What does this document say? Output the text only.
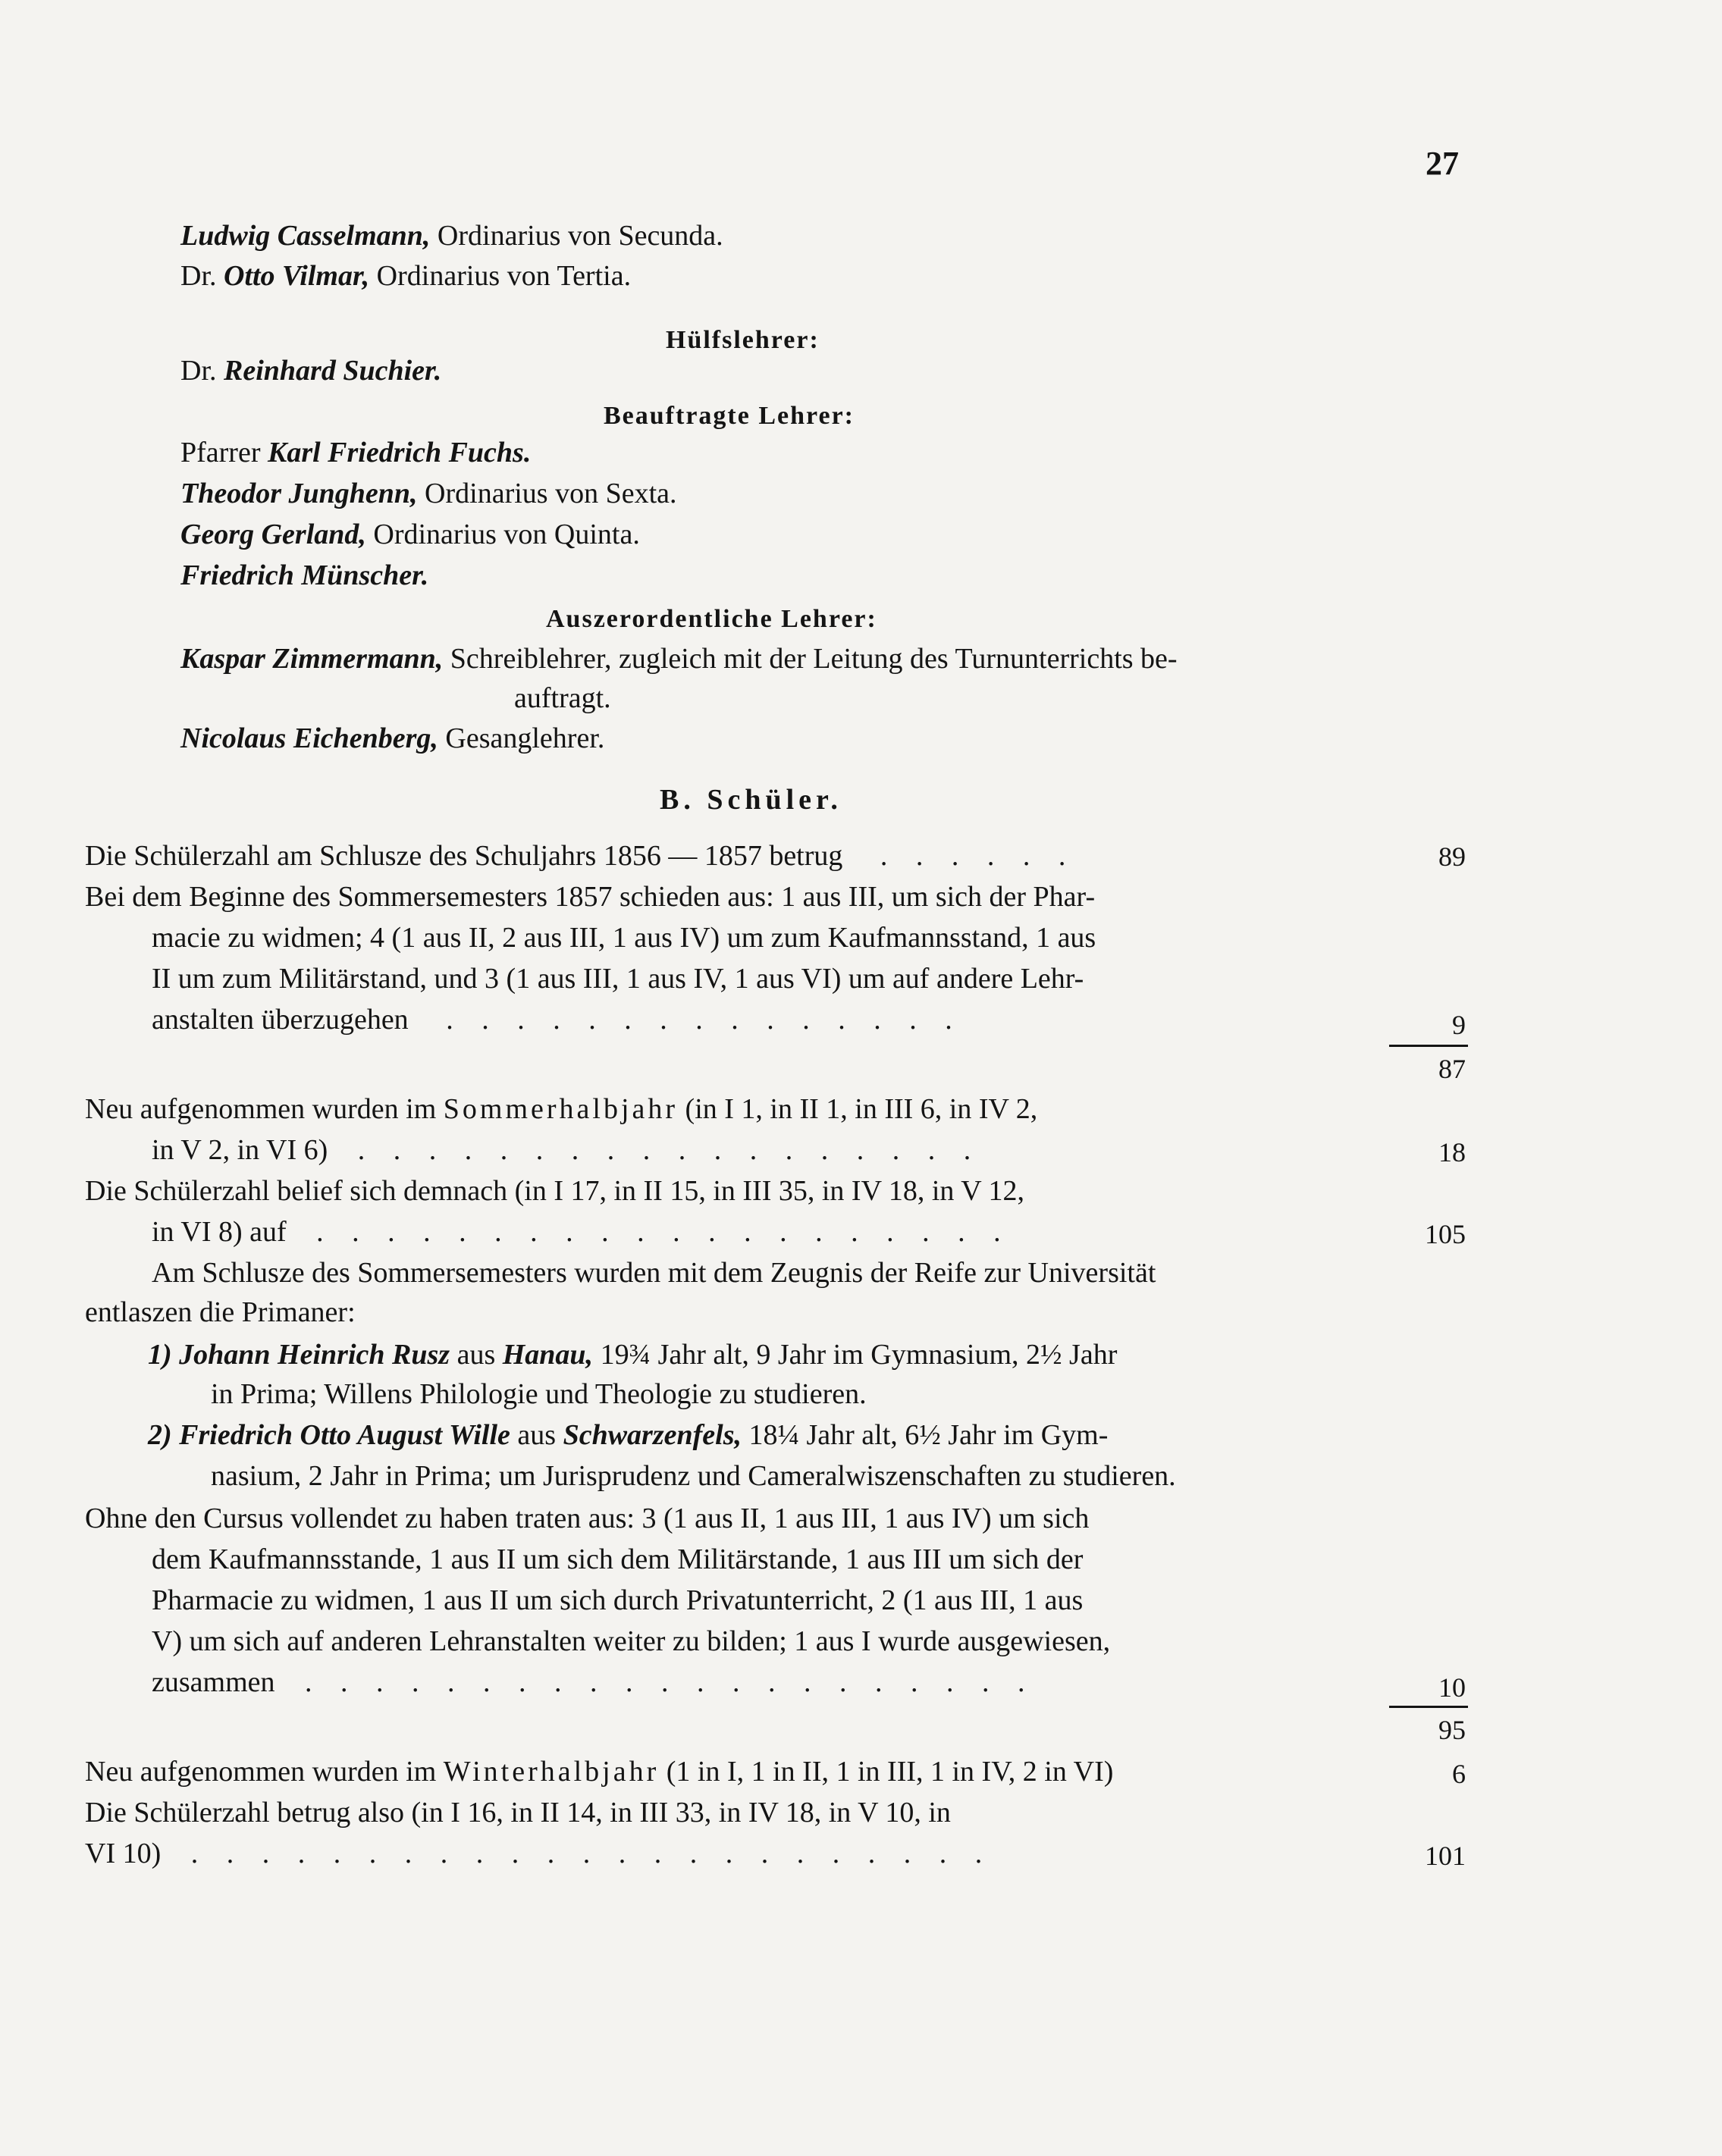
27
Ludwig Casselmann, Ordinarius von Secunda.
Dr. Otto Vilmar, Ordinarius von Tertia.
Hülfslehrer:
Dr. Reinhard Suchier.
Beauftragte Lehrer:
Pfarrer Karl Friedrich Fuchs.
Theodor Junghenn, Ordinarius von Sexta.
Georg Gerland, Ordinarius von Quinta.
Friedrich Münscher.
Auszerordentliche Lehrer:
Kaspar Zimmermann, Schreiblehrer, zugleich mit der Leitung des Turnunterrichts be-
auftragt.
Nicolaus Eichenberg, Gesanglehrer.
B. Schüler.
Die Schülerzahl am Schlusze des Schuljahrs 1856 — 1857 betrug . . . . . .	89
Bei dem Beginne des Sommersemesters 1857 schieden aus: 1 aus III, um sich der Phar-
macie zu widmen; 4 (1 aus II, 2 aus III, 1 aus IV) um zum Kaufmannsstand, 1 aus
II um zum Militärstand, und 3 (1 aus III, 1 aus IV, 1 aus VI) um auf andere Lehr-
anstalten überzugehen . . . . . . . . . . . . . . .	9
87
Neu aufgenommen wurden im Sommerhalbjahr (in I 1, in II 1, in III 6, in IV 2,
in V 2, in VI 6) . . . . . . . . . . . . . . . . . .	18
Die Schülerzahl belief sich demnach (in I 17, in II 15, in III 35, in IV 18, in V 12,
in VI 8) auf . . . . . . . . . . . . . . . . . . . .	105
Am Schlusze des Sommersemesters wurden mit dem Zeugnis der Reife zur Universität
entlaszen die Primaner:
1) Johann Heinrich Rusz aus Hanau, 19¾ Jahr alt, 9 Jahr im Gymnasium, 2½ Jahr
in Prima; Willens Philologie und Theologie zu studieren.
2) Friedrich Otto August Wille aus Schwarzenfels, 18¼ Jahr alt, 6½ Jahr im Gym-
nasium, 2 Jahr in Prima; um Jurisprudenz und Cameralwiszenschaften zu studieren.
Ohne den Cursus vollendet zu haben traten aus: 3 (1 aus II, 1 aus III, 1 aus IV) um sich
dem Kaufmannsstande, 1 aus II um sich dem Militärstande, 1 aus III um sich der
Pharmacie zu widmen, 1 aus II um sich durch Privatunterricht, 2 (1 aus III, 1 aus
V) um sich auf anderen Lehranstalten weiter zu bilden; 1 aus I wurde ausgewiesen,
zusammen . . . . . . . . . . . . . . . . . . . . .	10
95
Neu aufgenommen wurden im Winterhalbjahr (1 in I, 1 in II, 1 in III, 1 in IV, 2 in VI)	6
Die Schülerzahl betrug also (in I 16, in II 14, in III 33, in IV 18, in V 10, in
VI 10) . . . . . . . . . . . . . . . . . . . . . . .	101
